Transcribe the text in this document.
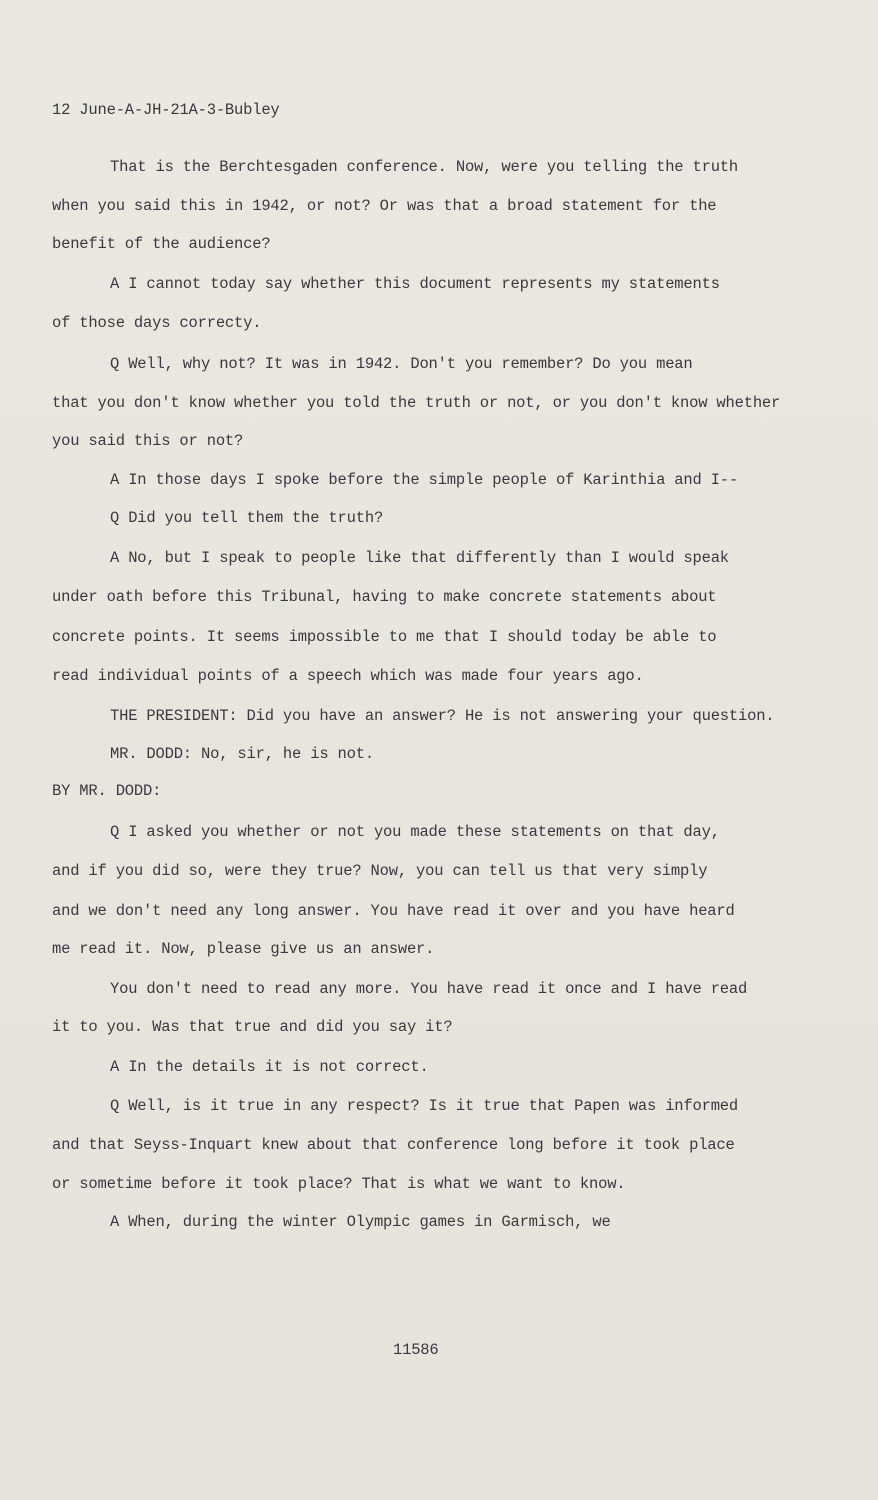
12 June-A-JH-21A-3-Bubley
That is the Berchtesgaden conference. Now, were you telling the truth
when you said this in 1942, or not? Or was that a broad statement for the
benefit of the audience?
A I cannot today say whether this document represents my statements
of those days correcty.
Q Well, why not? It was in 1942. Don't you remember? Do you mean
that you don't know whether you told the truth or not, or you don't know whether
you said this or not?
A In those days I spoke before the simple people of Karinthia and I--
Q Did you tell them the truth?
A No, but I speak to people like that differently than I would speak
under oath before this Tribunal, having to make concrete statements about
concrete points. It seems impossible to me that I should today be able to
read individual points of a speech which was made four years ago.
THE PRESIDENT: Did you have an answer? He is not answering your question.
MR. DODD: No, sir, he is not.
BY MR. DODD:
Q I asked you whether or not you made these statements on that day,
and if you did so, were they true? Now, you can tell us that very simply
and we don't need any long answer. You have read it over and you have heard
me read it. Now, please give us an answer.
You don't need to read any more. You have read it once and I have read
it to you. Was that true and did you say it?
A In the details it is not correct.
Q Well, is it true in any respect? Is it true that Papen was informed
and that Seyss-Inquart knew about that conference long before it took place
or sometime before it took place? That is what we want to know.
A When, during the winter Olympic games in Garmisch, we
11586
